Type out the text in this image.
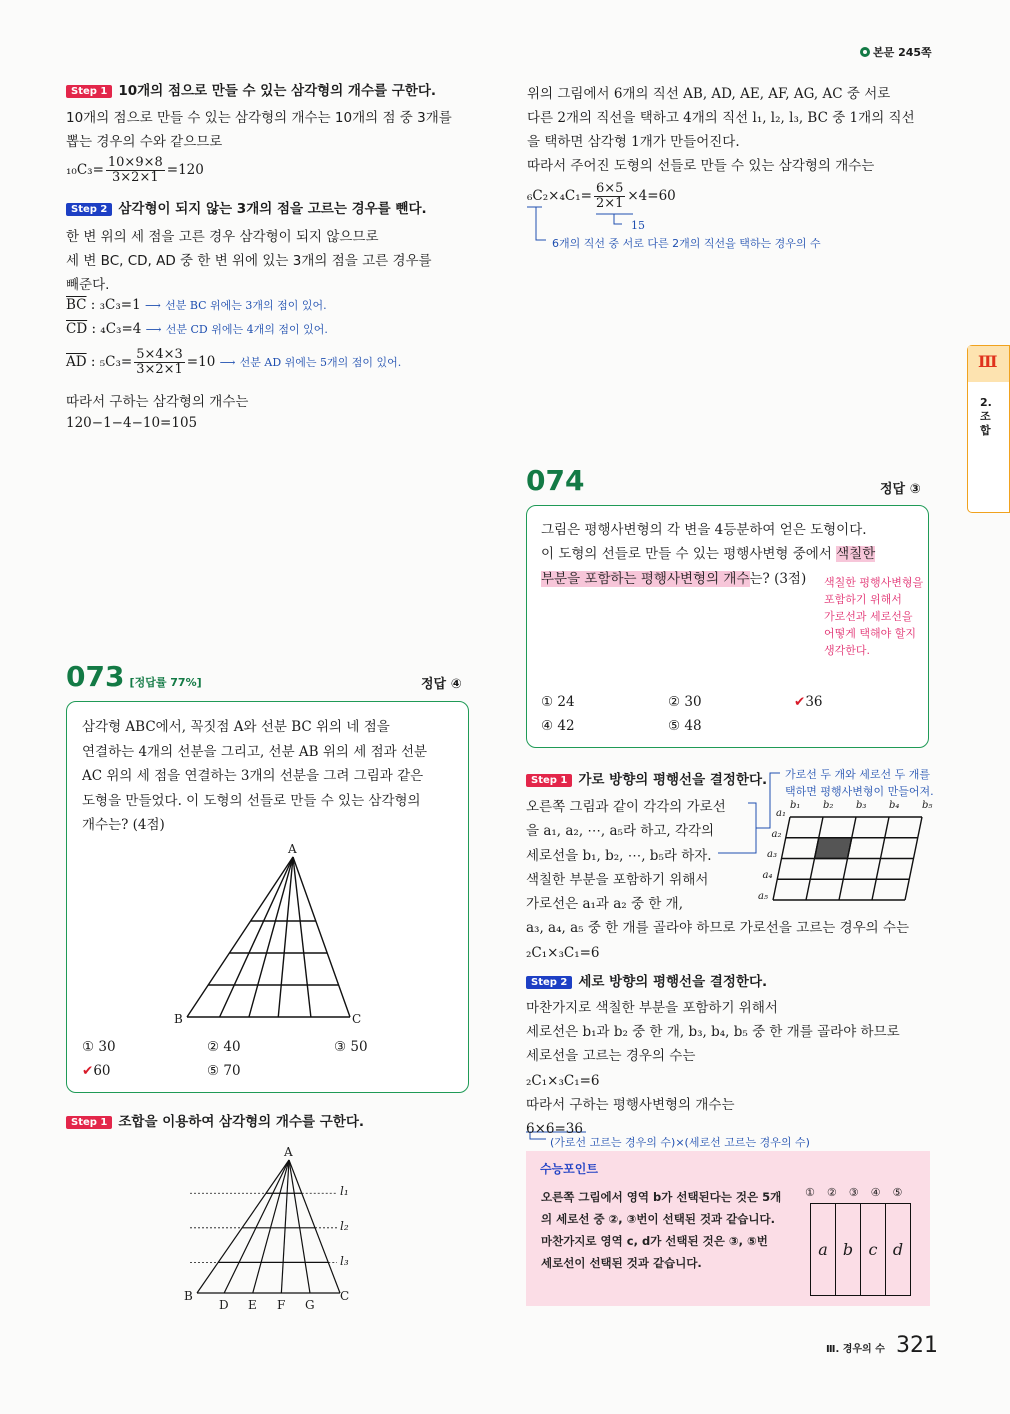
본문 245쪽
Ⅲ
2. 조합
Step 1 10개의 점으로 만들 수 있는 삼각형의 개수를 구한다.
10개의 점으로 만들 수 있는 삼각형의 개수는 10개의 점 중 3개를
뽑는 경우의 수와 같으므로
$_{10}C_3= \frac{10\times 9\times 8}{3\times 2\times 1} =120$
Step 2 삼각형이 되지 않는 3개의 점을 고르는 경우를 뺀다.
한 변 위의 세 점을 고른 경우 삼각형이 되지 않으므로
세 변 BC, CD, AD 중 한 변 위에 있는 3개의 점을 고른 경우를
빼준다.
$\overline{BC}$ : ₃C₃=1 ⟶ 선분 BC 위에는 3개의 점이 있어.
$\overline{CD}$ : ₄C₃=4 ⟶ 선분 CD 위에는 4개의 점이 있어.
$\overline{AD}$ : $_5C_3= \frac{5\times 4\times 3}{3\times 2\times 1} =10$ ⟶ 선분 AD 위에는 5개의 점이 있어.
따라서 구하는 삼각형의 개수는
120−1−4−10=105
073 [정답률 77%]	정답 ④
삼각형 ABC에서, 꼭짓점 A와 선분 BC 위의 네 점을
연결하는 4개의 선분을 그리고, 선분 AB 위의 세 점과 선분
AC 위의 세 점을 연결하는 3개의 선분을 그려 그림과 같은
도형을 만들었다. 이 도형의 선들로 만들 수 있는 삼각형의
개수는? (4점)
A
B	C
① 30	② 40	③ 50
✔60	⑤ 70
Step 1 조합을 이용하여 삼각형의 개수를 구한다.
A
B	C
D E F G
l₁
l₂
l₃
위의 그림에서 6개의 직선 AB, AD, AE, AF, AG, AC 중 서로
다른 2개의 직선을 택하고 4개의 직선 l₁, l₂, l₃, BC 중 1개의 직선
을 택하면 삼각형 1개가 만들어진다.
따라서 주어진 도형의 선들로 만들 수 있는 삼각형의 개수는
$_6C_2\times_4C_1= \frac{6\times 5}{2\times 1} \times 4=60$
15
6개의 직선 중 서로 다른 2개의 직선을 택하는 경우의 수
074	정답 ③
그림은 평행사변형의 각 변을 4등분하여 얻은 도형이다.
이 도형의 선들로 만들 수 있는 평행사변형 중에서 색칠한
부분을 포함하는 평행사변형의 개수는? (3점) 색칠한 평행사변형을
포함하기 위해서
가로선과 세로선을
어떻게 택해야 할지
생각한다.
① 24	② 30	✔36
④ 42	⑤ 48
Step 1 가로 방향의 평행선을 결정한다. 가로선 두 개와 세로선 두 개를
택하면 평행사변형이 만들어져.
오른쪽 그림과 같이 각각의 가로선
을 a₁, a₂, ⋯, a₅라 하고, 각각의
세로선을 b₁, b₂, ⋯, b₅라 하자.
색칠한 부분을 포함하기 위해서
가로선은 a₁과 a₂ 중 한 개,
a₃, a₄, a₅ 중 한 개를 골라야 하므로 가로선을 고르는 경우의 수는
₂C₁×₃C₁=6
a₁
a₂
a₃
a₄
a₅
b₁ b₂ b₃ b₄ b₅
Step 2 세로 방향의 평행선을 결정한다.
마찬가지로 색칠한 부분을 포함하기 위해서
세로선은 b₁과 b₂ 중 한 개, b₃, b₄, b₅ 중 한 개를 골라야 하므로
세로선을 고르는 경우의 수는
₂C₁×₃C₁=6
따라서 구하는 평행사변형의 개수는
6×6=36
(가로선 고르는 경우의 수)×(세로선 고르는 경우의 수)
수능포인트
오른쪽 그림에서 영역 b가 선택된다는 것은 5개
의 세로선 중 ②, ③번이 선택된 것과 같습니다.
마찬가지로 영역 c, d가 선택된 것은 ③, ⑤번
세로선이 선택된 것과 같습니다.
① ② ③ ④ ⑤
a b c d
Ⅲ. 경우의 수 321
